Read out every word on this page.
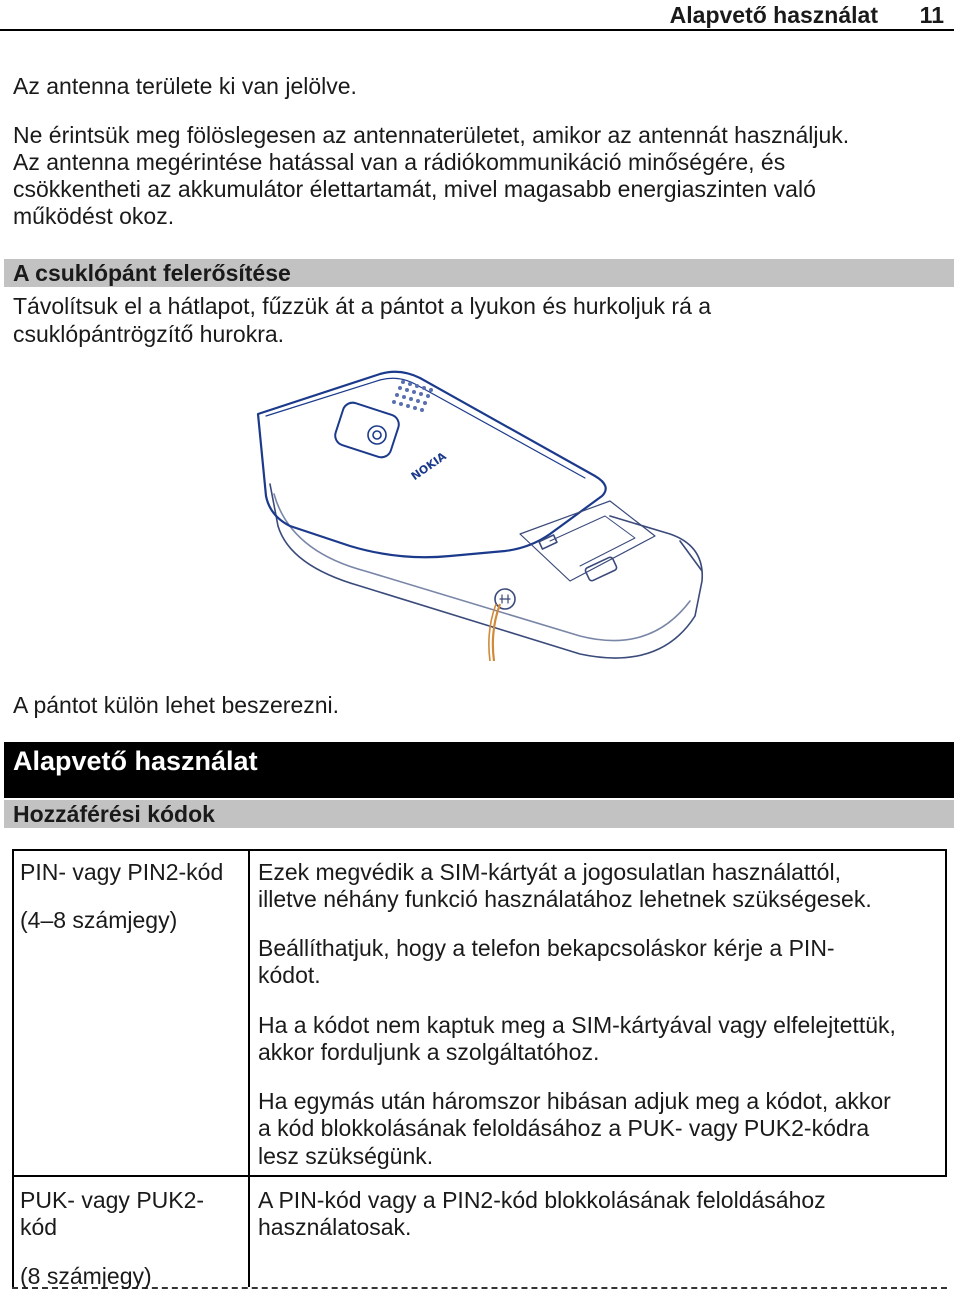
Alapvető használat 11

Az antenna területe ki van jelölve.

Ne érintsük meg fölöslegesen az antennaterületet, amikor az antennát használjuk.

Az antenna megérintése hatással van a rádiókommunikáció minőségére, és

csökkentheti az akkumulátor élettartamát, mivel magasabb energiaszinten való

működést okoz.

A csuklópánt felerősítése

Távolítsuk el a hátlapot, fűzzük át a pántot a lyukon és hurkoljuk rá a

csuklópántrögzítő hurokra.

NOKIA

A pántot külön lehet beszerezni.

Alapvető használat
Hozzáférési kódok

PIN- vagy PIN2-kód

(4–8 számjegy)

Ezek megvédik a SIM-kártyát a jogosulatlan használattól,

illetve néhány funkció használatához lehetnek szükségesek.

Beállíthatjuk, hogy a telefon bekapcsoláskor kérje a PIN-

kódot.

Ha a kódot nem kaptuk meg a SIM-kártyával vagy elfelejtettük,

akkor forduljunk a szolgáltatóhoz.

Ha egymás után háromszor hibásan adjuk meg a kódot, akkor

a kód blokkolásának feloldásához a PUK- vagy PUK2-kódra

lesz szükségünk.

PUK- vagy PUK2-

kód

(8 számjegy)

A PIN-kód vagy a PIN2-kód blokkolásának feloldásához

használatosak.
